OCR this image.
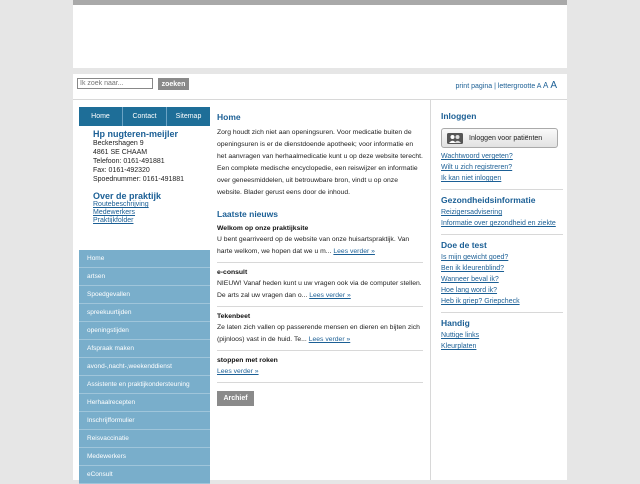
Ik zoek naar...
zoeken	print pagina | lettergrootte A A A
Home	Contact	Sitemap
Hp nugteren-meijler
Beckershagen 9
4861 SE CHAAM
Telefoon: 0161-491881
Fax: 0161-492320
Spoednummer: 0161-491881
Over de praktijk
Routebeschrijving
Medewerkers
Praktijkfolder
Home
artsen
Spoedgevallen
spreekuurtijden
openingstijden
Afspraak maken
avond-,nacht-,weekenddienst
Assistente en praktijkondersteuning
Herhaalrecepten
Inschrijfformulier
Reisvaccinatie
Medewerkers
eConsult
Home
Zorg houdt zich niet aan openingsuren. Voor medicatie buiten de openingsuren is er de dienstdoende apotheek; voor informatie en het aanvragen van herhaalmedicatie kunt u op deze website terecht. Een complete medische encyclopedie, een reiswijzer en informatie over geneesmiddelen, uit betrouwbare bron, vindt u op onze website. Blader gerust eens door de inhoud.
Laatste nieuws
Welkom op onze praktijksite
U bent gearriveerd op de website van onze huisartspraktijk. Van harte welkom, we hopen dat we u m... Lees verder »
e-consult
NIEUW! Vanaf heden kunt u uw vragen ook via de computer stellen. De arts zal uw vragen dan o... Lees verder »
Tekenbeet
Ze laten zich vallen op passerende mensen en dieren en bijten zich (pijnloos) vast in de huid. Te... Lees verder »
stoppen met roken
Lees verder »
Archief
Inloggen
Inloggen voor patiënten
Wachtwoord vergeten?
Wilt u zich registreren?
Ik kan niet inloggen
Gezondheidsinformatie
Reizigersadvisering
Informatie over gezondheid en ziekte
Doe de test
Is mijn gewicht goed?
Ben ik kleurenblind?
Wanneer beval ik?
Hoe lang word ik?
Heb ik griep? Griepcheck
Handig
Nuttige links
Kleurplaten
